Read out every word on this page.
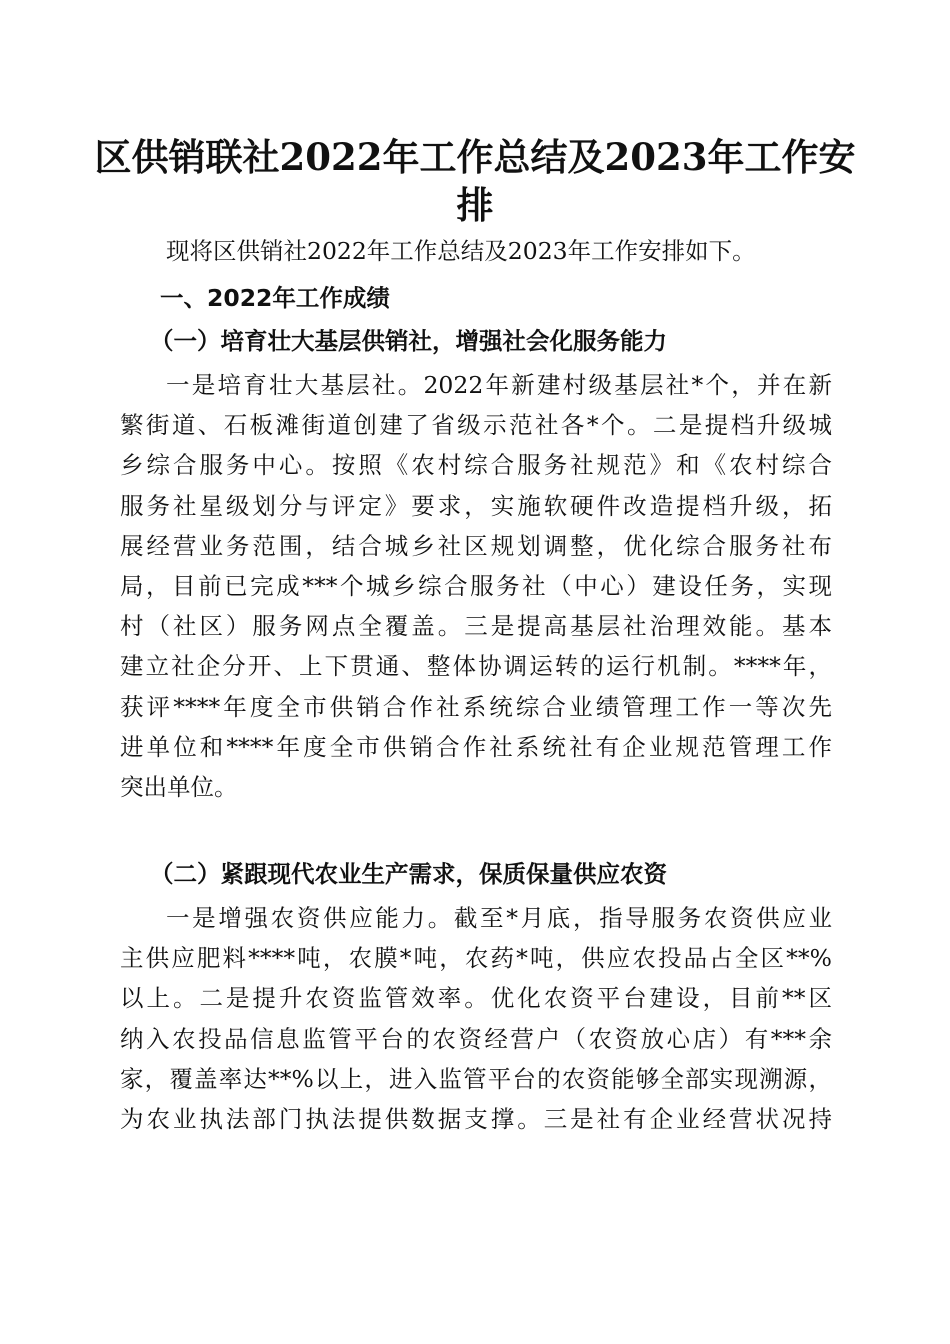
区供销联社2022年工作总结及2023年工作安
排
现将区供销社2022年工作总结及2023年工作安排如下。
一、2022年工作成绩
（一）培育壮大基层供销社，增强社会化服务能力
一是培育壮大基层社。2022年新建村级基层社*个，并在新
繁街道、石板滩街道创建了省级示范社各*个。二是提档升级城
乡综合服务中心。按照《农村综合服务社规范》和《农村综合
服务社星级划分与评定》要求，实施软硬件改造提档升级，拓
展经营业务范围，结合城乡社区规划调整，优化综合服务社布
局，目前已完成***个城乡综合服务社（中心）建设任务，实现
村（社区）服务网点全覆盖。三是提高基层社治理效能。基本
建立社企分开、上下贯通、整体协调运转的运行机制。****年，
获评****年度全市供销合作社系统综合业绩管理工作一等次先
进单位和****年度全市供销合作社系统社有企业规范管理工作
突出单位。
（二）紧跟现代农业生产需求，保质保量供应农资
一是增强农资供应能力。截至*月底，指导服务农资供应业
主供应肥料****吨，农膜*吨，农药*吨，供应农投品占全区**%
以上。二是提升农资监管效率。优化农资平台建设，目前**区
纳入农投品信息监管平台的农资经营户（农资放心店）有***余
家，覆盖率达**%以上，进入监管平台的农资能够全部实现溯源，
为农业执法部门执法提供数据支撑。三是社有企业经营状况持
